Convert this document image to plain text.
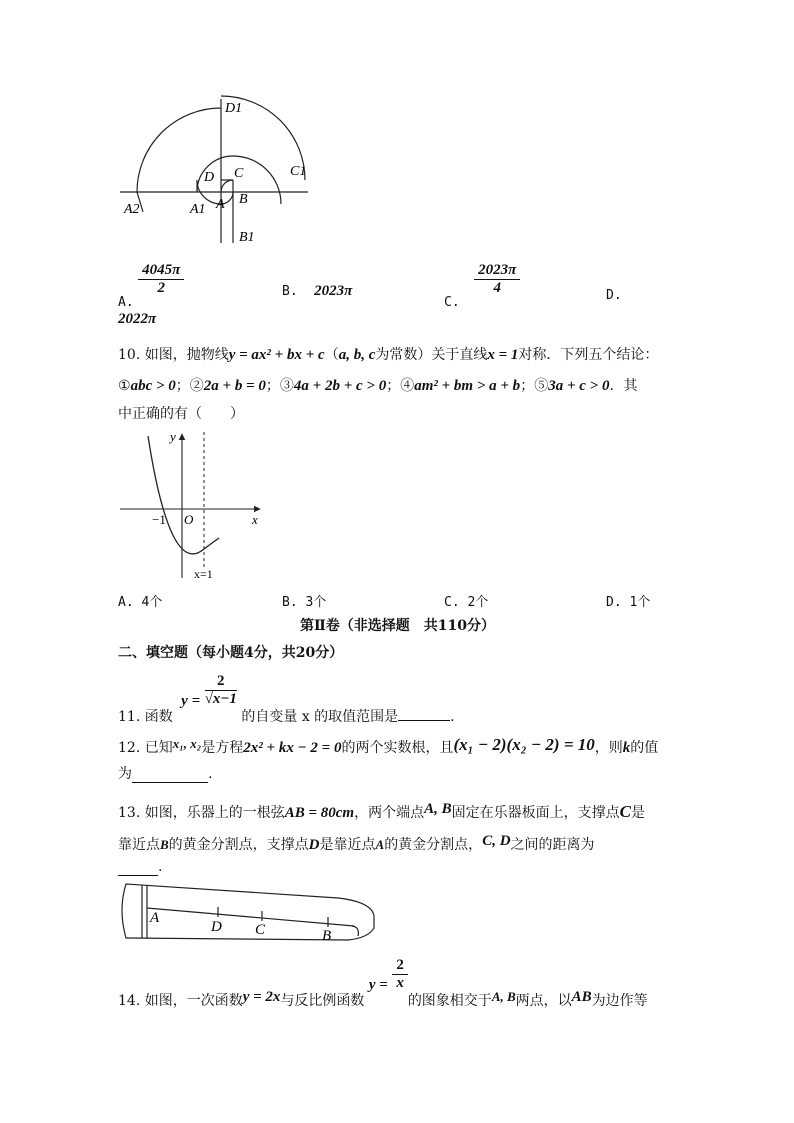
D1
C1
D C
A2	A1 A B
B1
A.
$\frac{4045\pi}{2}$	B. 2023π
C.
$\frac{2023\pi}{4}$	D.
2022π
10. 如图，抛物线y = ax² + bx + c（a, b, c为常数）关于直线x = 1对称．下列五个结论：
①abc > 0；②2a + b = 0；③4a + 2b + c > 0；④am² + bm > a + b；⑤3a + c > 0．其
中正确的有（　　）
y
x
O
−1
x=1
A. 4个	B. 3个	C. 2个	D. 1个
第Ⅱ卷（非选择题　共110分）
二、填空题（每小题4分，共20分）
11. 函数 $y = \frac{2}{√x-1}$
的自变量 x 的取值范围是	.
12. 已知x₁, x₂是方程2x² + kx − 2 = 0的两个实数根，且(x₁ − 2)(x₂ − 2) = 10，则k的值
为	.
13. 如图，乐器上的一根弦AB = 80cm，两个端点A, B固定在乐器板面上，支撑点C是
靠近点B的黄金分割点，支撑点D是靠近点A的黄金分割点，C, D之间的距离为
.
A
D C	B
14. 如图，一次函数y = 2x与反比例函数 $y = \frac{2}{x}$
的图象相交于A, B两点，以AB为边作等
